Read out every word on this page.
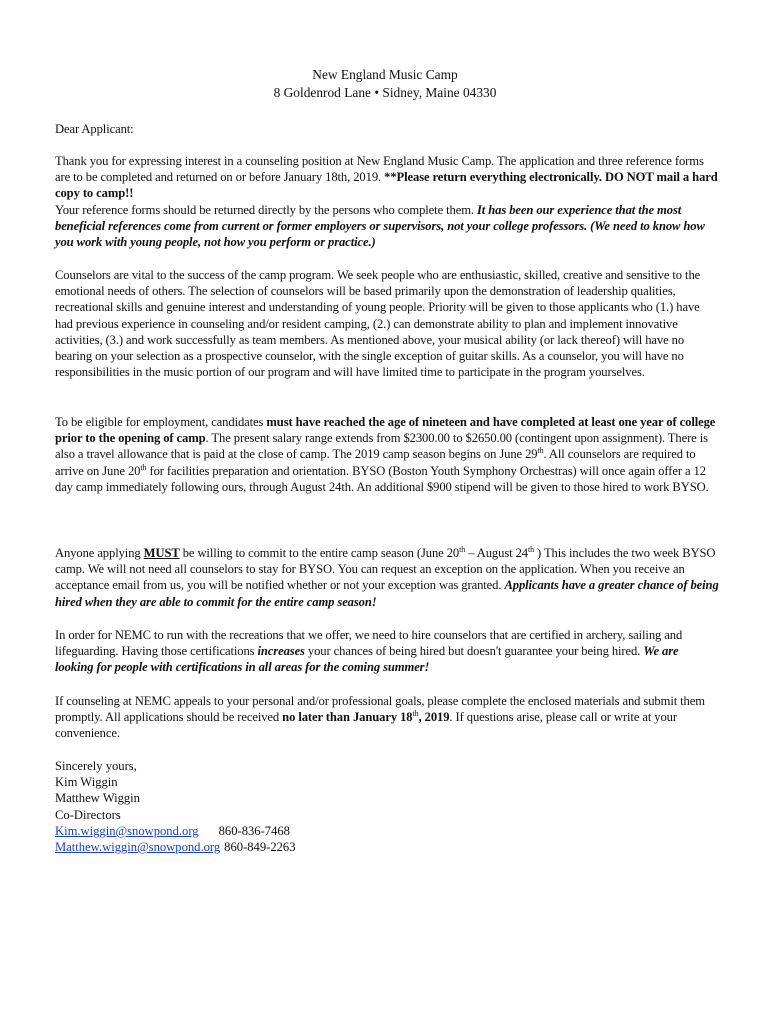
New England Music Camp
8 Goldenrod Lane • Sidney, Maine 04330

Dear Applicant:

Thank you for expressing interest in a counseling position at New England Music Camp. The application and three reference forms are to be completed and returned on or before January 18th, 2019. **Please return everything electronically. DO NOT mail a hard copy to camp!!
Your reference forms should be returned directly by the persons who complete them. It has been our experience that the most beneficial references come from current or former employers or supervisors, not your college professors. (We need to know how you work with young people, not how you perform or practice.)

Counselors are vital to the success of the camp program. We seek people who are enthusiastic, skilled, creative and sensitive to the emotional needs of others. The selection of counselors will be based primarily upon the demonstration of leadership qualities, recreational skills and genuine interest and understanding of young people. Priority will be given to those applicants who (1.) have had previous experience in counseling and/or resident camping, (2.) can demonstrate ability to plan and implement innovative activities, (3.) and work successfully as team members. As mentioned above, your musical ability (or lack thereof) will have no bearing on your selection as a prospective counselor, with the single exception of guitar skills. As a counselor, you will have no responsibilities in the music portion of our program and will have limited time to participate in the program yourselves.

To be eligible for employment, candidates must have reached the age of nineteen and have completed at least one year of college prior to the opening of camp. The present salary range extends from $2300.00 to $2650.00 (contingent upon assignment). There is also a travel allowance that is paid at the close of camp. The 2019 camp season begins on June 29th. All counselors are required to arrive on June 20th for facilities preparation and orientation. BYSO (Boston Youth Symphony Orchestras) will once again offer a 12 day camp immediately following ours, through August 24th. An additional $900 stipend will be given to those hired to work BYSO.

Anyone applying MUST be willing to commit to the entire camp season (June 20th – August 24th ) This includes the two week BYSO camp. We will not need all counselors to stay for BYSO. You can request an exception on the application. When you receive an acceptance email from us, you will be notified whether or not your exception was granted. Applicants have a greater chance of being hired when they are able to commit for the entire camp season!

In order for NEMC to run with the recreations that we offer, we need to hire counselors that are certified in archery, sailing and lifeguarding. Having those certifications increases your chances of being hired but doesn't guarantee your being hired. We are looking for people with certifications in all areas for the coming summer!

If counseling at NEMC appeals to your personal and/or professional goals, please complete the enclosed materials and submit them promptly. All applications should be received no later than January 18th, 2019. If questions arise, please call or write at your convenience.

Sincerely yours,
Kim Wiggin
Matthew Wiggin
Co-Directors
Kim.wiggin@snowpond.org 860-836-7468
Matthew.wiggin@snowpond.org 860-849-2263
